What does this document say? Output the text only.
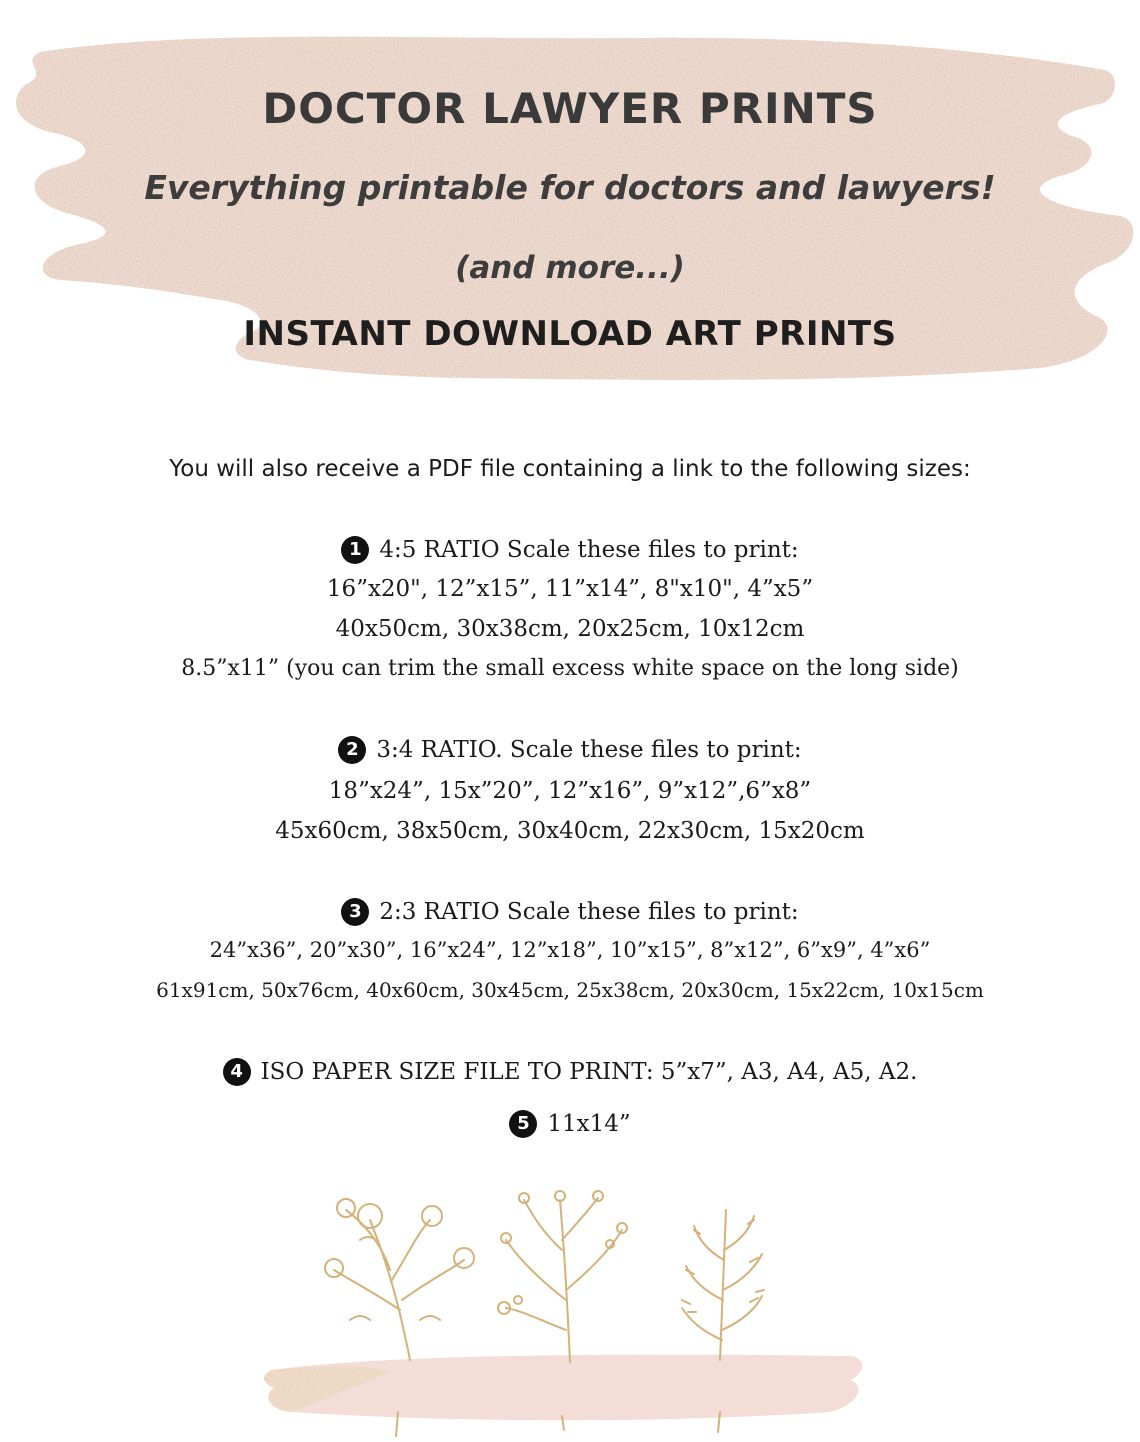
DOCTOR LAWYER PRINTS
Everything printable for doctors and lawyers!
(and more...)
INSTANT DOWNLOAD ART PRINTS
You will also receive a PDF file containing a link to the following sizes:
1 4:5 RATIO Scale these files to print:
16”x20", 12”x15”, 11”x14”, 8"x10", 4”x5”
40x50cm, 30x38cm, 20x25cm, 10x12cm
8.5”x11” (you can trim the small excess white space on the long side)
2 3:4 RATIO. Scale these files to print:
18”x24”, 15x”20”, 12”x16”, 9”x12”,6”x8”
45x60cm, 38x50cm, 30x40cm, 22x30cm, 15x20cm
3 2:3 RATIO Scale these files to print:
24”x36”, 20”x30”, 16”x24”, 12”x18”, 10”x15”, 8”x12”, 6”x9”, 4”x6”
61x91cm, 50x76cm, 40x60cm, 30x45cm, 25x38cm, 20x30cm, 15x22cm, 10x15cm
4 ISO PAPER SIZE FILE TO PRINT: 5”x7”, A3, A4, A5, A2.
5 11x14”
